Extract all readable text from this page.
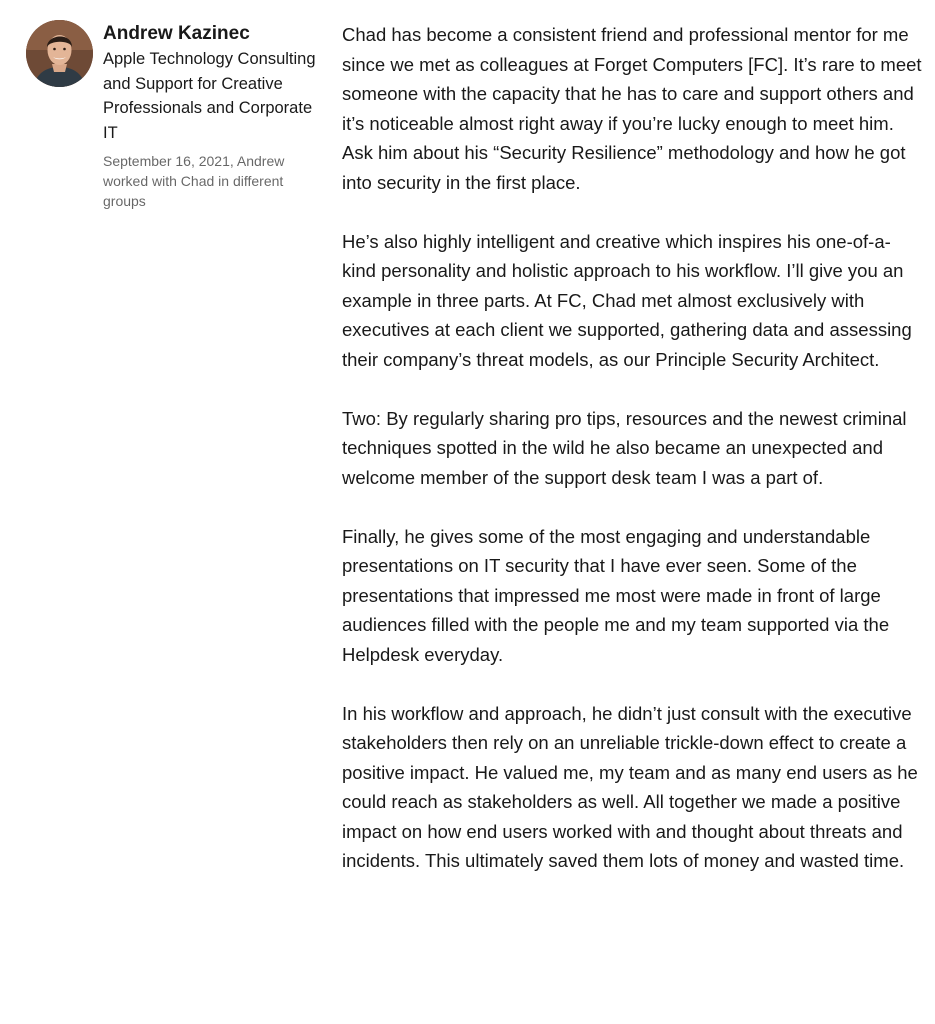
Andrew Kazinec

Apple Technology Consulting and Support for Creative Professionals and Corporate IT

September 16, 2021, Andrew worked with Chad in different groups

Chad has become a consistent friend and professional mentor for me since we met as colleagues at Forget Computers [FC]. It’s rare to meet someone with the capacity that he has to care and support others and it’s noticeable almost right away if you’re lucky enough to meet him. Ask him about his “Security Resilience” methodology and how he got into security in the first place.

He’s also highly intelligent and creative which inspires his one-of-a-kind personality and holistic approach to his workflow. I’ll give you an example in three parts. At FC, Chad met almost exclusively with executives at each client we supported, gathering data and assessing their company’s threat models, as our Principle Security Architect.

Two: By regularly sharing pro tips, resources and the newest criminal techniques spotted in the wild he also became an unexpected and welcome member of the support desk team I was a part of.

Finally, he gives some of the most engaging and understandable presentations on IT security that I have ever seen. Some of the presentations that impressed me most were made in front of large audiences filled with the people me and my team supported via the Helpdesk everyday.

In his workflow and approach, he didn’t just consult with the executive stakeholders then rely on an unreliable trickle-down effect to create a positive impact. He valued me, my team and as many end users as he could reach as stakeholders as well. All together we made a positive impact on how end users worked with and thought about threats and incidents. This ultimately saved them lots of money and wasted time.
